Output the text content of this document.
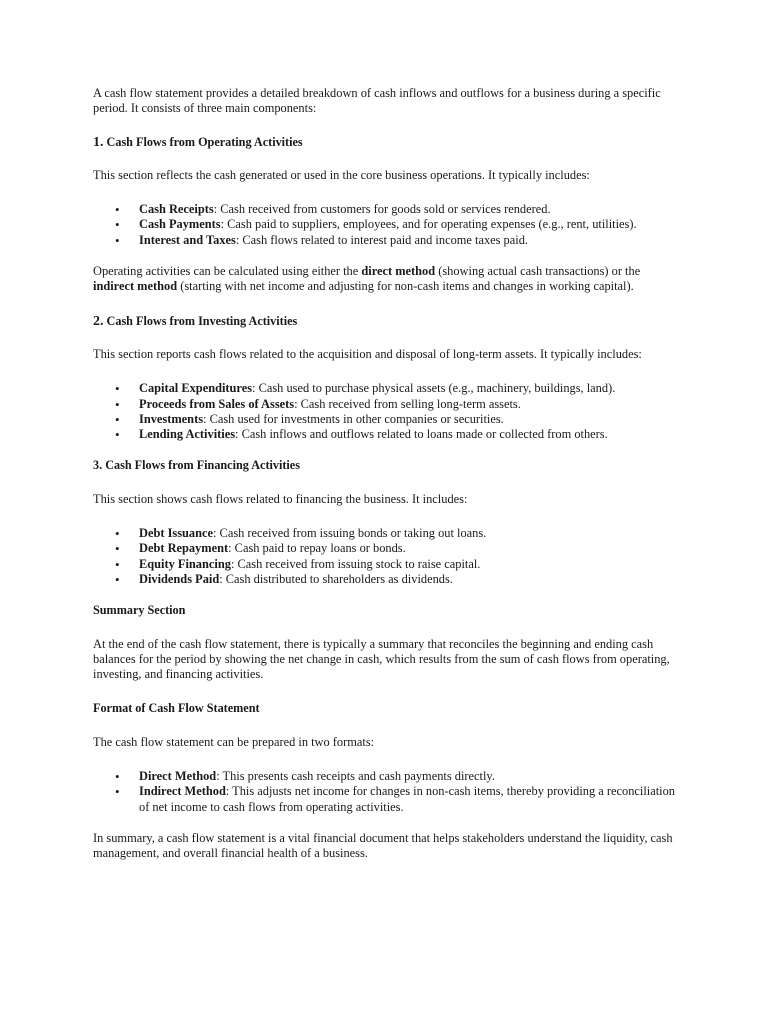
A cash flow statement provides a detailed breakdown of cash inflows and outflows for a business during a specific period. It consists of three main components:

1. Cash Flows from Operating Activities

This section reflects the cash generated or used in the core business operations. It typically includes:

• Cash Receipts: Cash received from customers for goods sold or services rendered.
• Cash Payments: Cash paid to suppliers, employees, and for operating expenses (e.g., rent, utilities).
• Interest and Taxes: Cash flows related to interest paid and income taxes paid.

Operating activities can be calculated using either the direct method (showing actual cash transactions) or the indirect method (starting with net income and adjusting for non-cash items and changes in working capital).

2. Cash Flows from Investing Activities

This section reports cash flows related to the acquisition and disposal of long-term assets. It typically includes:

• Capital Expenditures: Cash used to purchase physical assets (e.g., machinery, buildings, land).
• Proceeds from Sales of Assets: Cash received from selling long-term assets.
• Investments: Cash used for investments in other companies or securities.
• Lending Activities: Cash inflows and outflows related to loans made or collected from others.

3. Cash Flows from Financing Activities

This section shows cash flows related to financing the business. It includes:

• Debt Issuance: Cash received from issuing bonds or taking out loans.
• Debt Repayment: Cash paid to repay loans or bonds.
• Equity Financing: Cash received from issuing stock to raise capital.
• Dividends Paid: Cash distributed to shareholders as dividends.

Summary Section

At the end of the cash flow statement, there is typically a summary that reconciles the beginning and ending cash balances for the period by showing the net change in cash, which results from the sum of cash flows from operating, investing, and financing activities.

Format of Cash Flow Statement

The cash flow statement can be prepared in two formats:

• Direct Method: This presents cash receipts and cash payments directly.
• Indirect Method: This adjusts net income for changes in non-cash items, thereby providing a reconciliation of net income to cash flows from operating activities.

In summary, a cash flow statement is a vital financial document that helps stakeholders understand the liquidity, cash management, and overall financial health of a business.
